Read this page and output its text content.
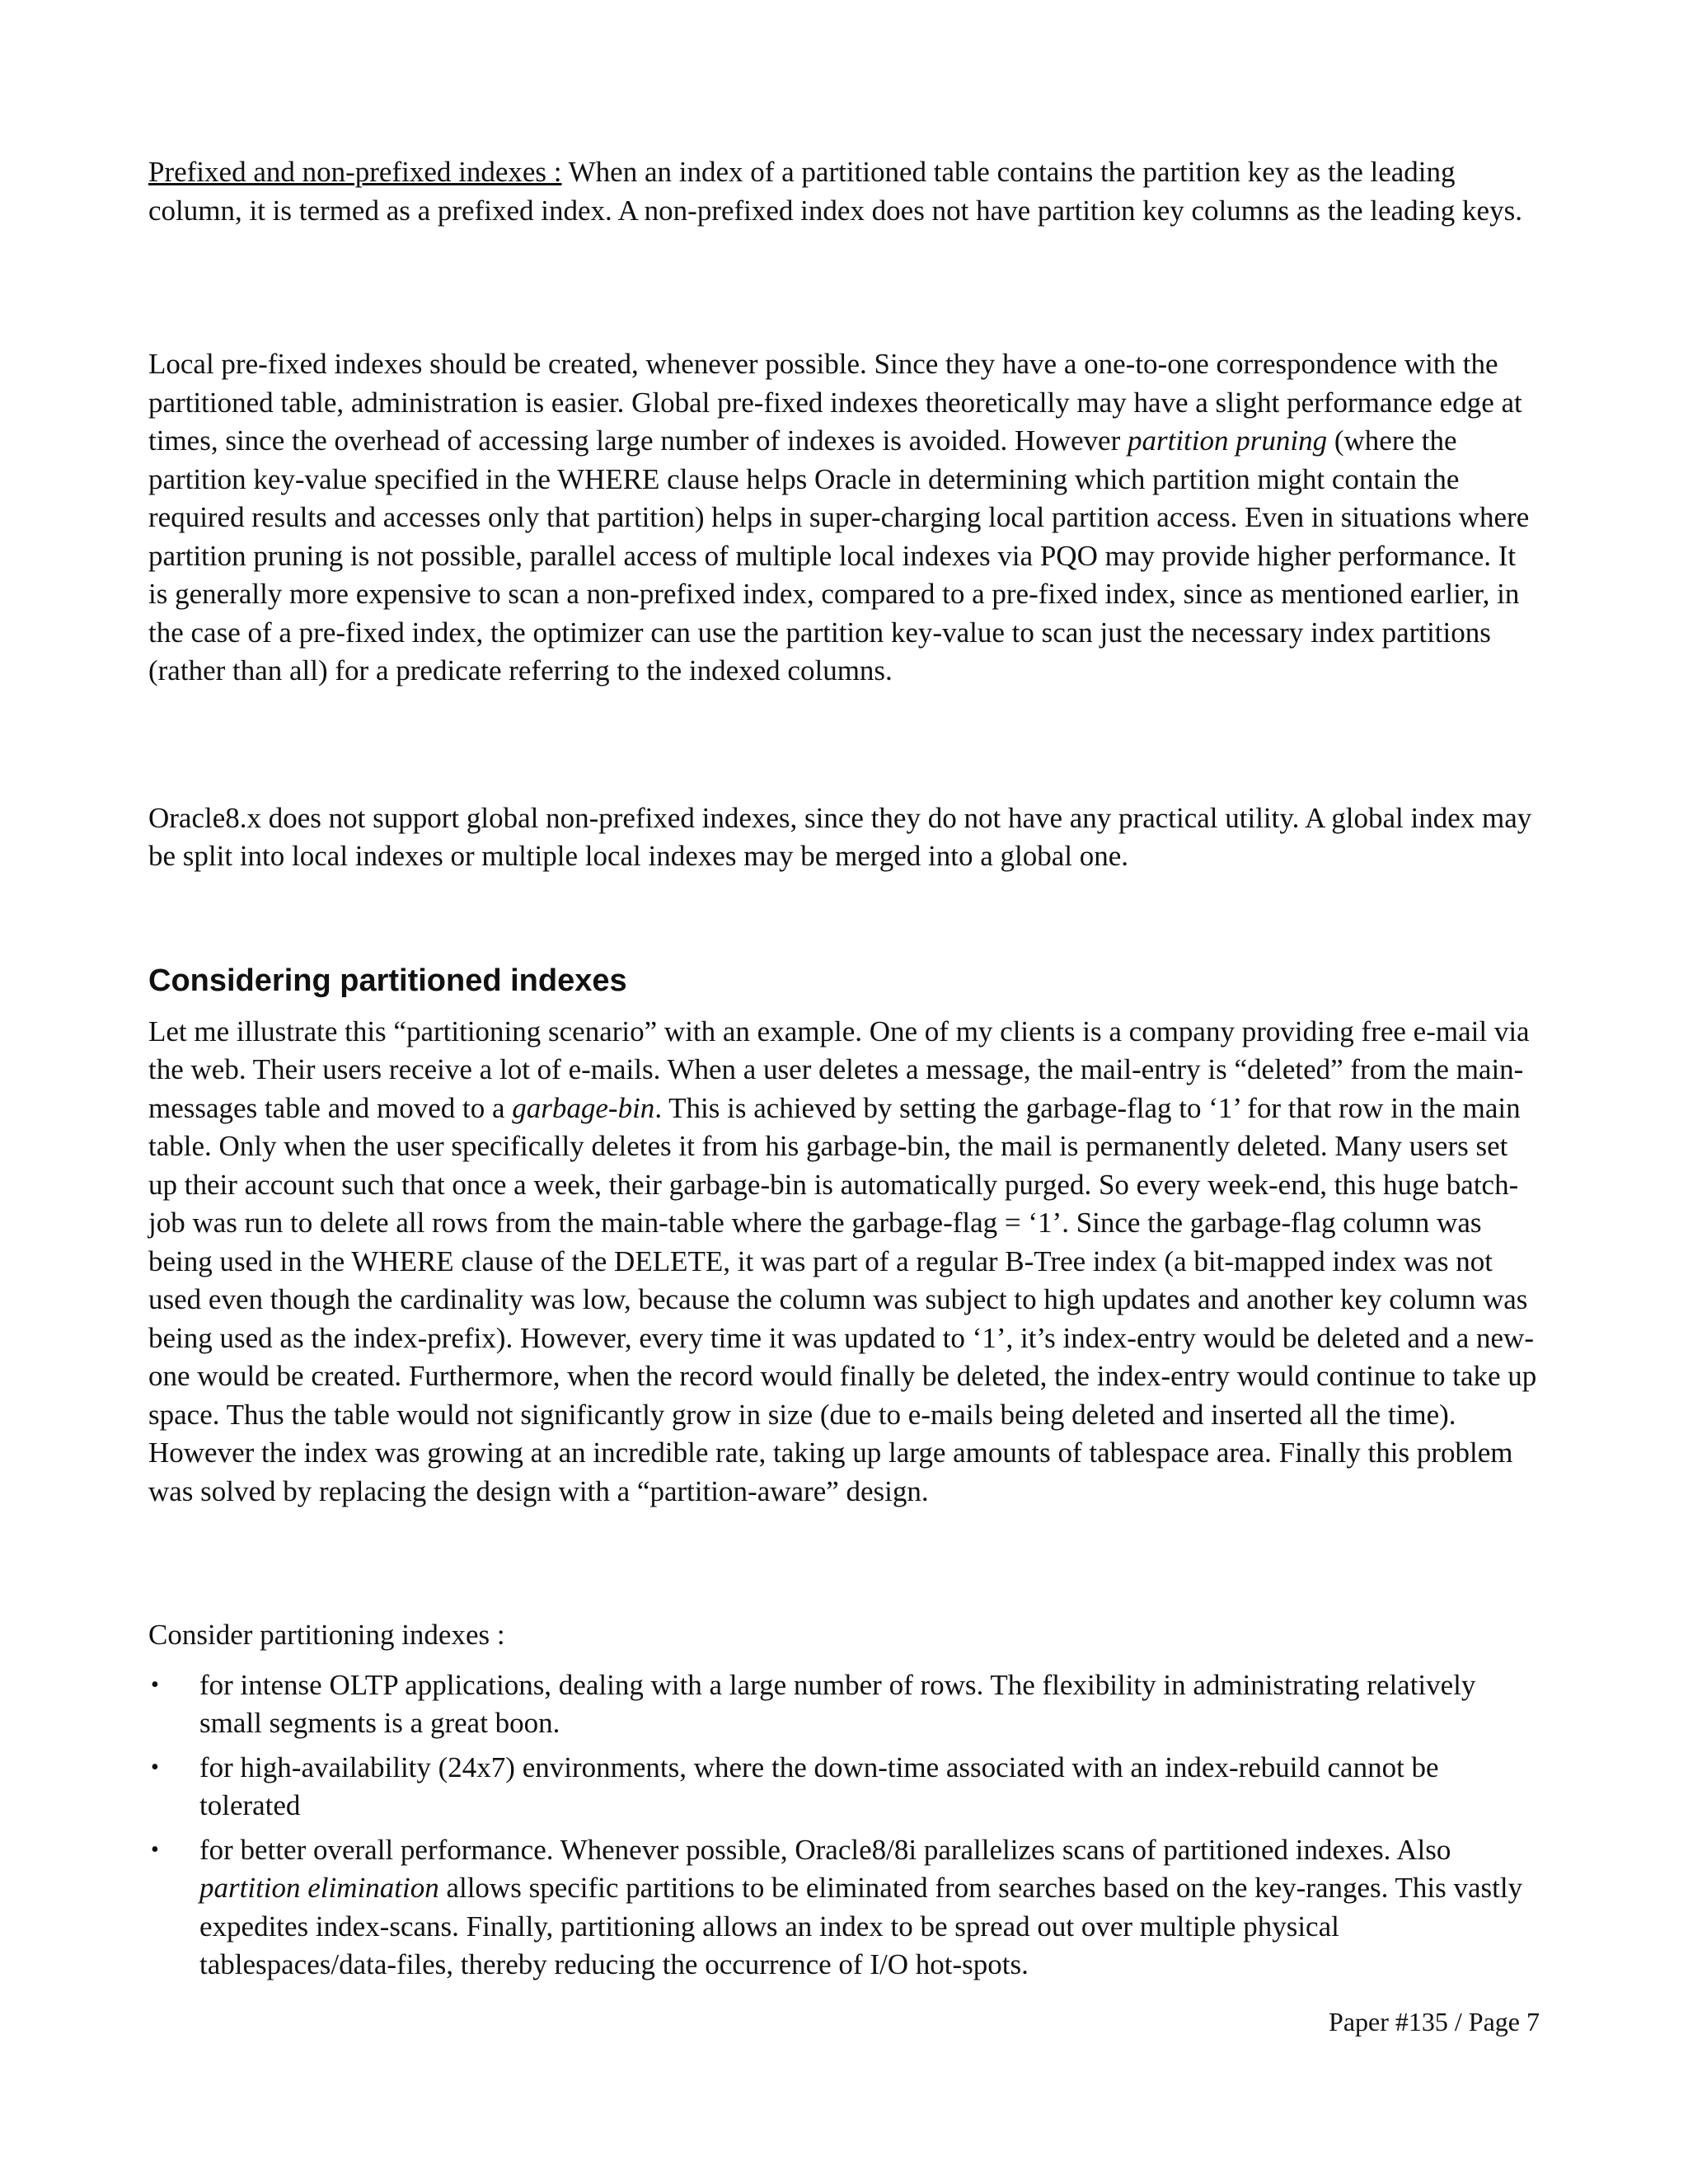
Prefixed and non-prefixed indexes : When an index of a partitioned table contains the partition key as the leading column, it is termed as a prefixed index. A non-prefixed index does not have partition key columns as the leading keys.

Local pre-fixed indexes should be created, whenever possible. Since they have a one-to-one correspondence with the partitioned table, administration is easier. Global pre-fixed indexes theoretically may have a slight performance edge at times, since the overhead of accessing large number of indexes is avoided. However partition pruning (where the partition key-value specified in the WHERE clause helps Oracle in determining which partition might contain the required results and accesses only that partition) helps in super-charging local partition access. Even in situations where partition pruning is not possible, parallel access of multiple local indexes via PQO may provide higher performance. It is generally more expensive to scan a non-prefixed index, compared to a pre-fixed index, since as mentioned earlier, in the case of a pre-fixed index, the optimizer can use the partition key-value to scan just the necessary index partitions (rather than all) for a predicate referring to the indexed columns.

Oracle8.x does not support global non-prefixed indexes, since they do not have any practical utility. A global index may be split into local indexes or multiple local indexes may be merged into a global one.

Considering partitioned indexes

Let me illustrate this “partitioning scenario” with an example. One of my clients is a company providing free e-mail via the web. Their users receive a lot of e-mails. When a user deletes a message, the mail-entry is “deleted” from the main-messages table and moved to a garbage-bin. This is achieved by setting the garbage-flag to ‘1’ for that row in the main table. Only when the user specifically deletes it from his garbage-bin, the mail is permanently deleted. Many users set up their account such that once a week, their garbage-bin is automatically purged. So every week-end, this huge batch-job was run to delete all rows from the main-table where the garbage-flag = ‘1’. Since the garbage-flag column was being used in the WHERE clause of the DELETE, it was part of a regular B-Tree index (a bit-mapped index was not used even though the cardinality was low, because the column was subject to high updates and another key column was being used as the index-prefix). However, every time it was updated to ‘1’, it’s index-entry would be deleted and a new-one would be created. Furthermore, when the record would finally be deleted, the index-entry would continue to take up space. Thus the table would not significantly grow in size (due to e-mails being deleted and inserted all the time). However the index was growing at an incredible rate, taking up large amounts of tablespace area. Finally this problem was solved by replacing the design with a “partition-aware” design.

Consider partitioning indexes :

• for intense OLTP applications, dealing with a large number of rows. The flexibility in administrating relatively small segments is a great boon.
• for high-availability (24x7) environments, where the down-time associated with an index-rebuild cannot be tolerated
• for better overall performance. Whenever possible, Oracle8/8i parallelizes scans of partitioned indexes. Also partition elimination allows specific partitions to be eliminated from searches based on the key-ranges. This vastly expedites index-scans. Finally, partitioning allows an index to be spread out over multiple physical tablespaces/data-files, thereby reducing the occurrence of I/O hot-spots.
Paper #135 / Page 7
